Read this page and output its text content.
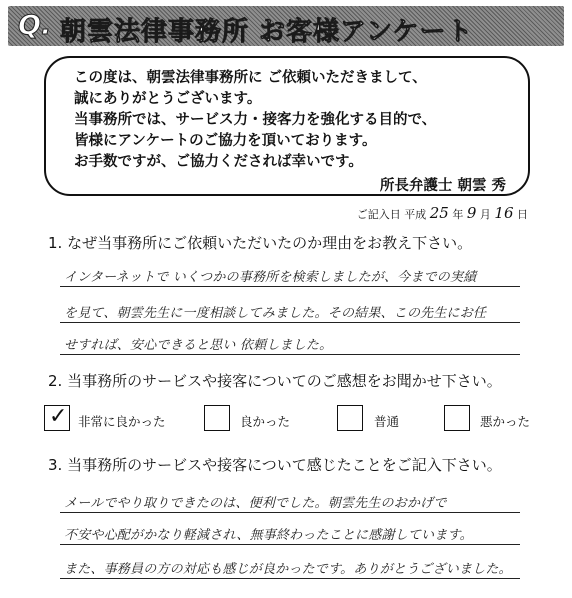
Q. 朝雲法律事務所 お客様アンケート
この度は、朝雲法律事務所に ご依頼いただきまして、
誠にありがとうございます。
当事務所では、サービス力・接客力を強化する目的で、
皆様にアンケートのご協力を頂いております。
お手数ですが、ご協力くだされば幸いです。
所長弁護士 朝雲 秀
ご記入日 平成 25 年 9 月 16 日
1. なぜ当事務所にご依頼いただいたのか理由をお教え下さい。
インターネットで いくつかの事務所を検索しましたが、今までの実績
を見て、朝雲先生に一度相談してみました。その結果、この先生にお任
せすれば、安心できると思い 依頼しました。
2. 当事務所のサービスや接客についてのご感想をお聞かせ下さい。
✓ 非常に良かった	良かった	普通	悪かった
3. 当事務所のサービスや接客について感じたことをご記入下さい。
メールでやり取りできたのは、便利でした。朝雲先生のおかげで
不安や心配がかなり軽減され、無事終わったことに感謝しています。
また、事務員の方の対応も感じが良かったです。ありがとうございました。
